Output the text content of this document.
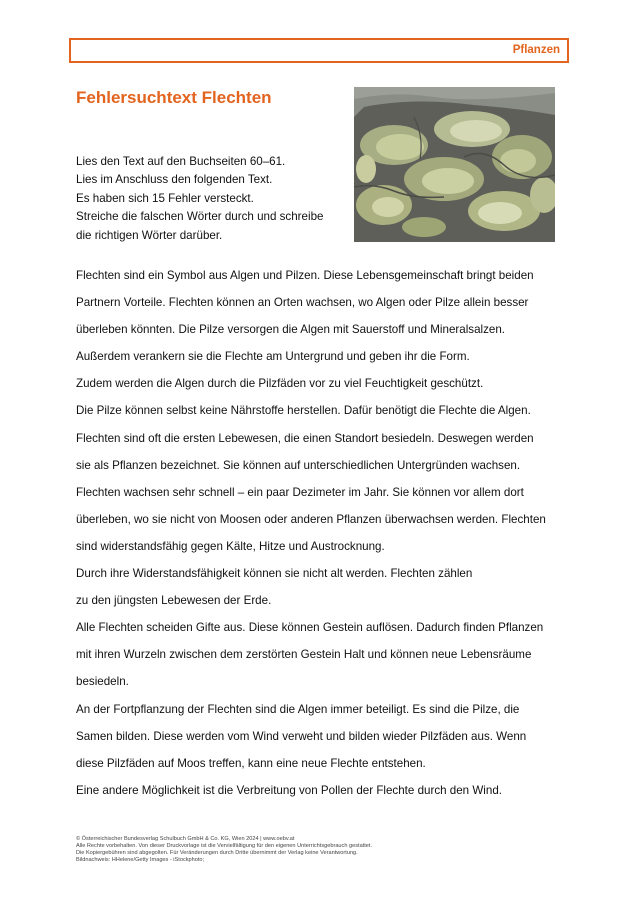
Pflanzen
Fehlersuchtext Flechten
Lies den Text auf den Buchseiten 60–61.
Lies im Anschluss den folgenden Text.
Es haben sich 15 Fehler versteckt.
Streiche die falschen Wörter durch und schreibe
die richtigen Wörter darüber.
Flechten sind ein Symbol aus Algen und Pilzen. Diese Lebensgemeinschaft bringt beiden
Partnern Vorteile. Flechten können an Orten wachsen, wo Algen oder Pilze allein besser
überleben könnten. Die Pilze versorgen die Algen mit Sauerstoff und Mineralsalzen.
Außerdem verankern sie die Flechte am Untergrund und geben ihr die Form.
Zudem werden die Algen durch die Pilzfäden vor zu viel Feuchtigkeit geschützt.
Die Pilze können selbst keine Nährstoffe herstellen. Dafür benötigt die Flechte die Algen.
Flechten sind oft die ersten Lebewesen, die einen Standort besiedeln. Deswegen werden
sie als Pflanzen bezeichnet. Sie können auf unterschiedlichen Untergründen wachsen.
Flechten wachsen sehr schnell – ein paar Dezimeter im Jahr. Sie können vor allem dort
überleben, wo sie nicht von Moosen oder anderen Pflanzen überwachsen werden. Flechten
sind widerstandsfähig gegen Kälte, Hitze und Austrocknung.
Durch ihre Widerstandsfähigkeit können sie nicht alt werden. Flechten zählen
zu den jüngsten Lebewesen der Erde.
Alle Flechten scheiden Gifte aus. Diese können Gestein auflösen. Dadurch finden Pflanzen
mit ihren Wurzeln zwischen dem zerstörten Gestein Halt und können neue Lebensräume
besiedeln.
An der Fortpflanzung der Flechten sind die Algen immer beteiligt. Es sind die Pilze, die
Samen bilden. Diese werden vom Wind verweht und bilden wieder Pilzfäden aus. Wenn
diese Pilzfäden auf Moos treffen, kann eine neue Flechte entstehen.
Eine andere Möglichkeit ist die Verbreitung von Pollen der Flechte durch den Wind.
© Österreichischer Bundesverlag Schulbuch GmbH & Co. KG, Wien 2024 | www.oebv.at
Alle Rechte vorbehalten. Von dieser Druckvorlage ist die Vervielfältigung für den eigenen Unterrichtsgebrauch gestattet.
Die Kopiergebühren sind abgegolten. Für Veränderungen durch Dritte übernimmt der Verlag keine Verantwortung.
Bildnachweis: HHelene/Getty Images - iStockphoto;
